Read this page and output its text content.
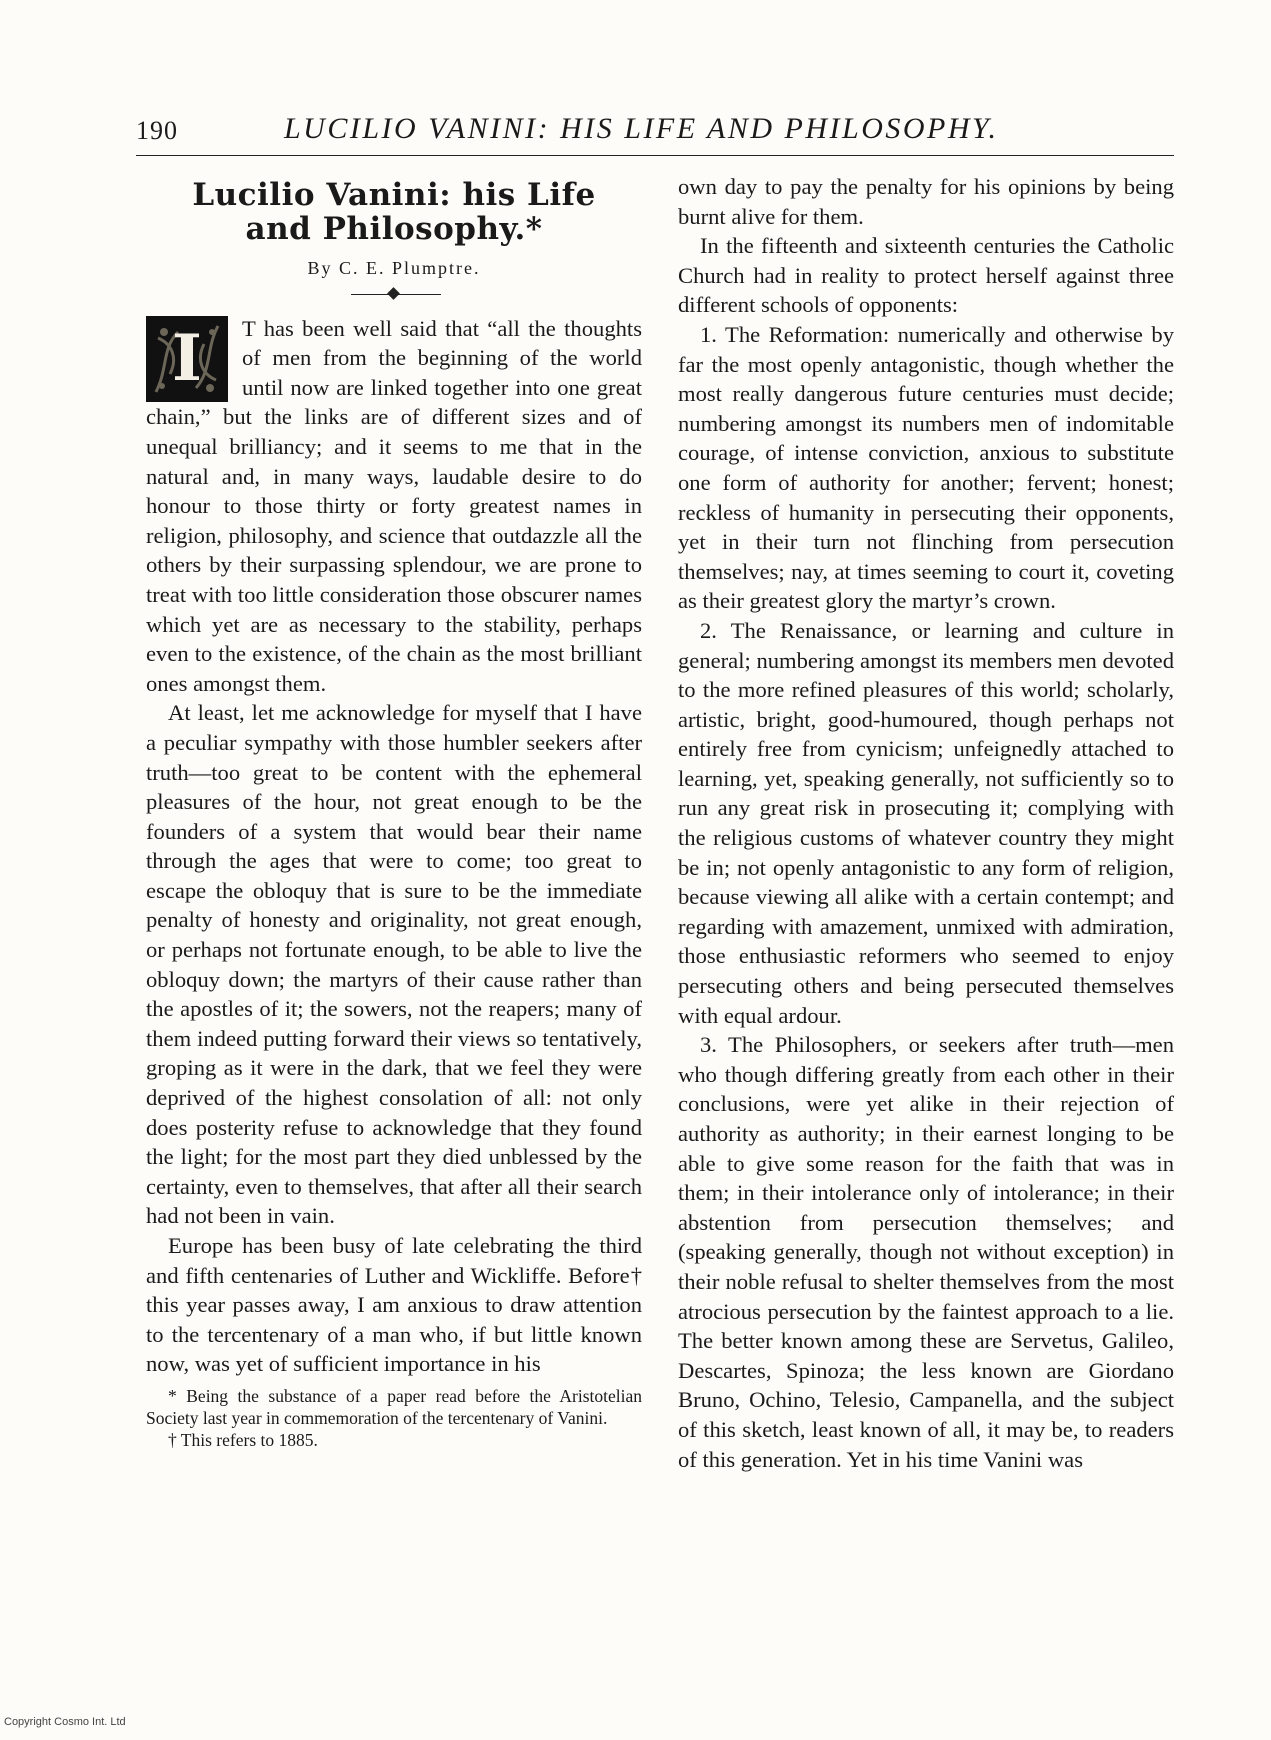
190	LUCILIO VANINI: HIS LIFE AND PHILOSOPHY.
Lucilio Vanini: his Life and Philosophy.*
By C. E. Plumptre.
I	T has been well said that “all the thoughts of men from the beginning of the world until now are linked together into one great chain,” but the links are of different sizes and of unequal brilliancy; and it seems to me that in the natural and, in many ways, laudable desire to do honour to those thirty or forty greatest names in religion, philosophy, and science that outdazzle all the others by their surpassing splendour, we are prone to treat with too little consideration those obscurer names which yet are as necessary to the stability, perhaps even to the existence, of the chain as the most brilliant ones amongst them.

At least, let me acknowledge for myself that I have a peculiar sympathy with those humbler seekers after truth—too great to be content with the ephemeral pleasures of the hour, not great enough to be the founders of a system that would bear their name through the ages that were to come; too great to escape the obloquy that is sure to be the immediate penalty of honesty and originality, not great enough, or perhaps not fortunate enough, to be able to live the obloquy down; the martyrs of their cause rather than the apostles of it; the sowers, not the reapers; many of them indeed putting forward their views so tentatively, groping as it were in the dark, that we feel they were deprived of the highest consolation of all: not only does posterity refuse to acknowledge that they found the light; for the most part they died unblessed by the certainty, even to themselves, that after all their search had not been in vain.

Europe has been busy of late celebrating the third and fifth centenaries of Luther and Wickliffe. Before† this year passes away, I am anxious to draw attention to the tercentenary of a man who, if but little known now, was yet of sufficient importance in his

* Being the substance of a paper read before the Aristotelian Society last year in commemoration of the tercentenary of Vanini.

† This refers to 1885.

own day to pay the penalty for his opinions by being burnt alive for them.

In the fifteenth and sixteenth centuries the Catholic Church had in reality to protect herself against three different schools of opponents:

1. The Reformation: numerically and otherwise by far the most openly antagonistic, though whether the most really dangerous future centuries must decide; numbering amongst its numbers men of indomitable courage, of intense conviction, anxious to substitute one form of authority for another; fervent; honest; reckless of humanity in persecuting their opponents, yet in their turn not flinching from persecution themselves; nay, at times seeming to court it, coveting as their greatest glory the martyr’s crown.

2. The Renaissance, or learning and culture in general; numbering amongst its members men devoted to the more refined pleasures of this world; scholarly, artistic, bright, good-humoured, though perhaps not entirely free from cynicism; unfeignedly attached to learning, yet, speaking generally, not sufficiently so to run any great risk in prosecuting it; complying with the religious customs of whatever country they might be in; not openly antagonistic to any form of religion, because viewing all alike with a certain contempt; and regarding with amazement, unmixed with admiration, those enthusiastic reformers who seemed to enjoy persecuting others and being persecuted themselves with equal ardour.

3. The Philosophers, or seekers after truth—men who though differing greatly from each other in their conclusions, were yet alike in their rejection of authority as authority; in their earnest longing to be able to give some reason for the faith that was in them; in their intolerance only of intolerance; in their abstention from persecution themselves; and (speaking generally, though not without exception) in their noble refusal to shelter themselves from the most atrocious persecution by the faintest approach to a lie. The better known among these are Servetus, Galileo, Descartes, Spinoza; the less known are Giordano Bruno, Ochino, Telesio, Campanella, and the subject of this sketch, least known of all, it may be, to readers of this generation. Yet in his time Vanini was

Copyright Cosmo Int. Ltd
